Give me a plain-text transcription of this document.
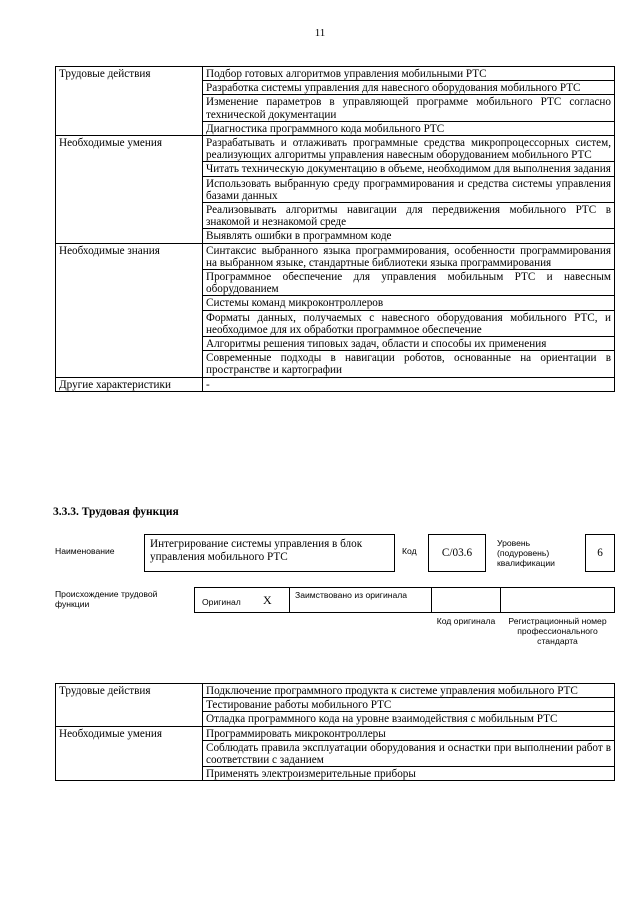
11
Трудовые действия	Подбор готовых алгоритмов управления мобильными РТС
	Разработка системы управления для навесного оборудования мобильного РТС
	Изменение параметров в управляющей программе мобильного РТС согласно технической документации
	Диагностика программного кода мобильного РТС
Необходимые умения	Разрабатывать и отлаживать программные средства микропроцессорных систем, реализующих алгоритмы управления навесным оборудованием мобильного РТС
	Читать техническую документацию в объеме, необходимом для выполнения задания
	Использовать выбранную среду программирования и средства системы управления базами данных
	Реализовывать алгоритмы навигации для передвижения мобильного РТС в знакомой и незнакомой среде
	Выявлять ошибки в программном коде
Необходимые знания	Синтаксис выбранного языка программирования, особенности программирования на выбранном языке, стандартные библиотеки языка программирования
	Программное обеспечение для управления мобильным РТС и навесным оборудованием
	Системы команд микроконтроллеров
	Форматы данных, получаемых с навесного оборудования мобильного РТС, и необходимое для их обработки программное обеспечение
	Алгоритмы решения типовых задач, области и способы их применения
	Современные подходы в навигации роботов, основанные на ориентации в пространстве и картографии
Другие характеристики	-
3.3.3. Трудовая функция
Наименование
Интегрирование системы управления в блок управления мобильного РТС	Код	С/03.6
Уровень (подуровень) квалификации
6
Происхождение трудовой функции	Оригинал Х	Заимствовано из оригинала
Код оригинала	Регистрационный номер профессионального стандарта
Трудовые действия	Подключение программного продукта к системе управления мобильного РТС
	Тестирование работы мобильного РТС
	Отладка программного кода на уровне взаимодействия с мобильным РТС
Необходимые умения	Программировать микроконтроллеры
	Соблюдать правила эксплуатации оборудования и оснастки при выполнении работ в соответствии с заданием
	Применять электроизмерительные приборы
